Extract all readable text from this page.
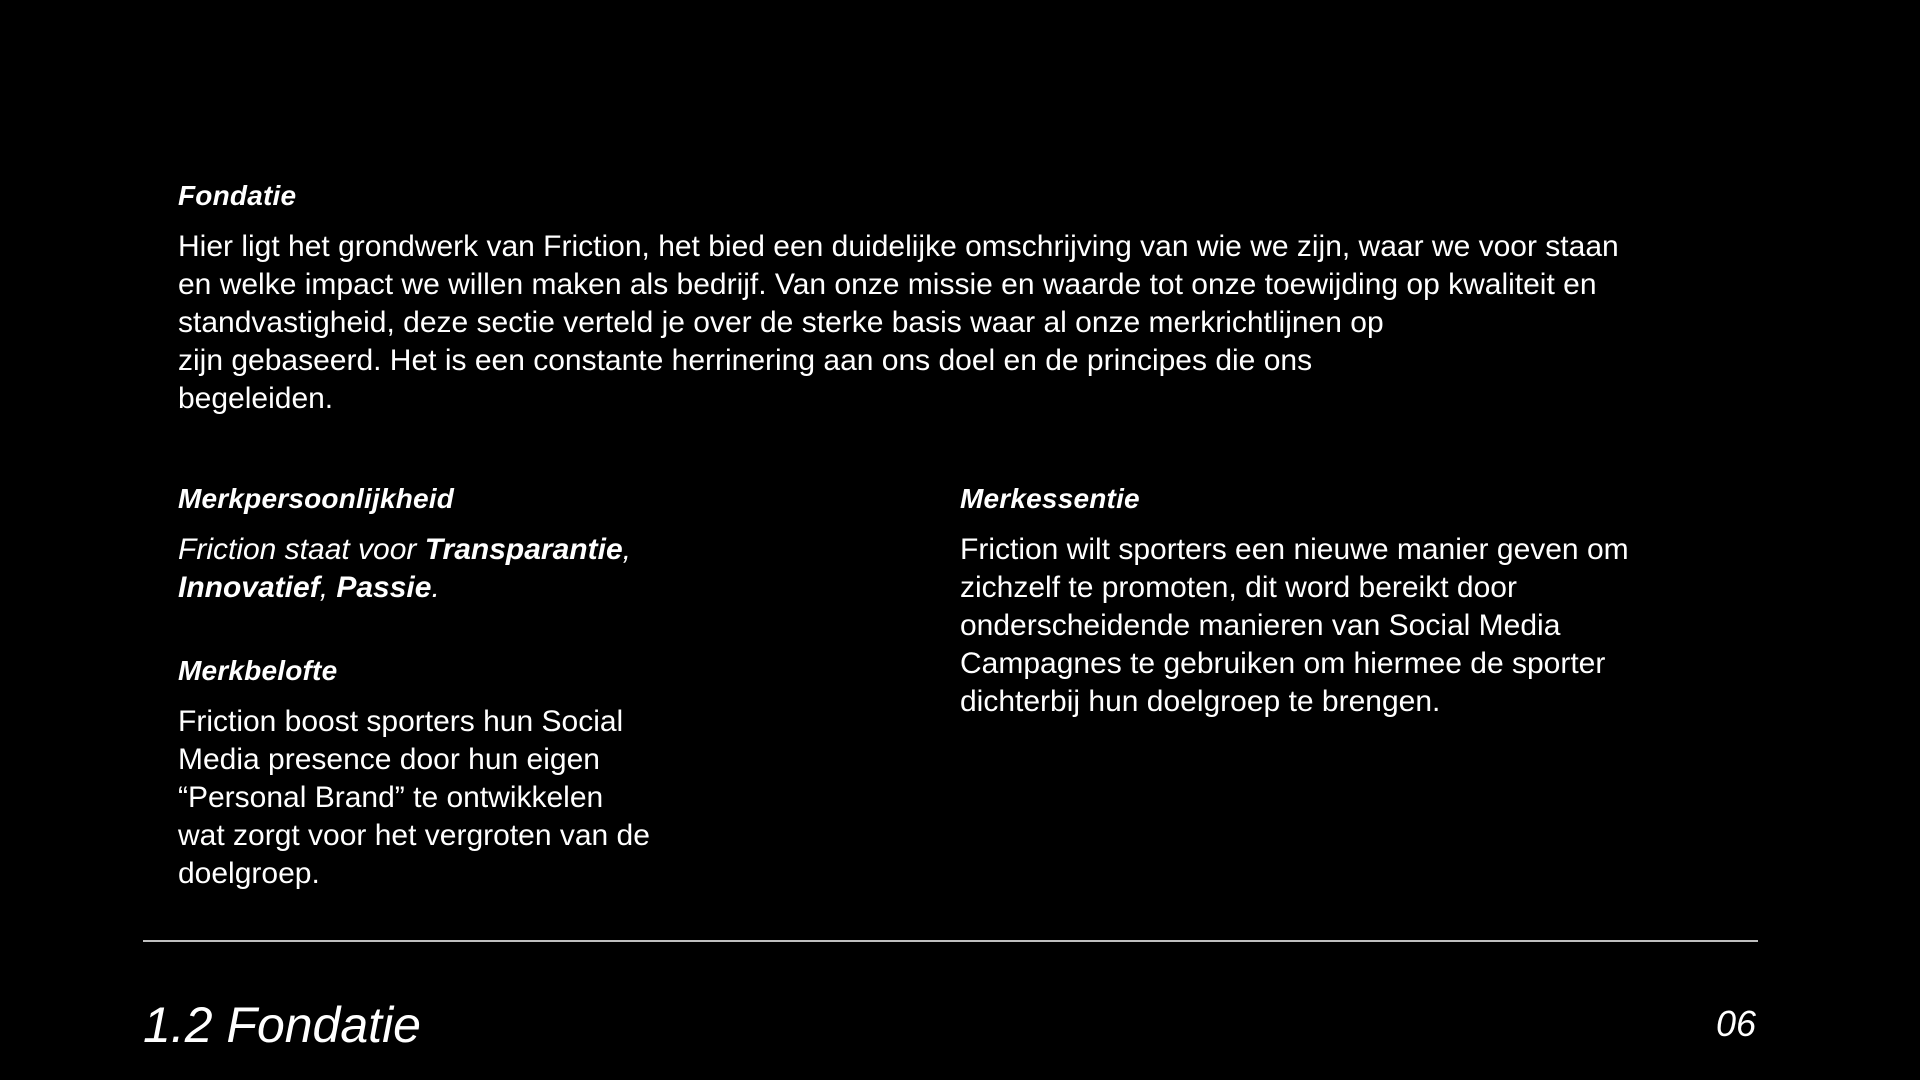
Fondatie

Hier ligt het grondwerk van Friction, het bied een duidelijke omschrijving van wie we zijn, waar we voor staan
en welke impact we willen maken als bedrijf. Van onze missie en waarde tot onze toewijding op kwaliteit en
standvastigheid, deze sectie verteld je over de sterke basis waar al onze merkrichtlijnen op
zijn gebaseerd. Het is een constante herrinering aan ons doel en de principes die ons
begeleiden.

Merkpersoonlijkheid

Friction staat voor Transparantie,
Innovatief, Passie.

Merkbelofte

Friction boost sporters hun Social
Media presence door hun eigen
“Personal Brand” te ontwikkelen
wat zorgt voor het vergroten van de
doelgroep.

Merkessentie

Friction wilt sporters een nieuwe manier geven om
zichzelf te promoten, dit word bereikt door
onderscheidende manieren van Social Media
Campagnes te gebruiken om hiermee de sporter
dichterbij hun doelgroep te brengen.

1.2 Fondatie	06
